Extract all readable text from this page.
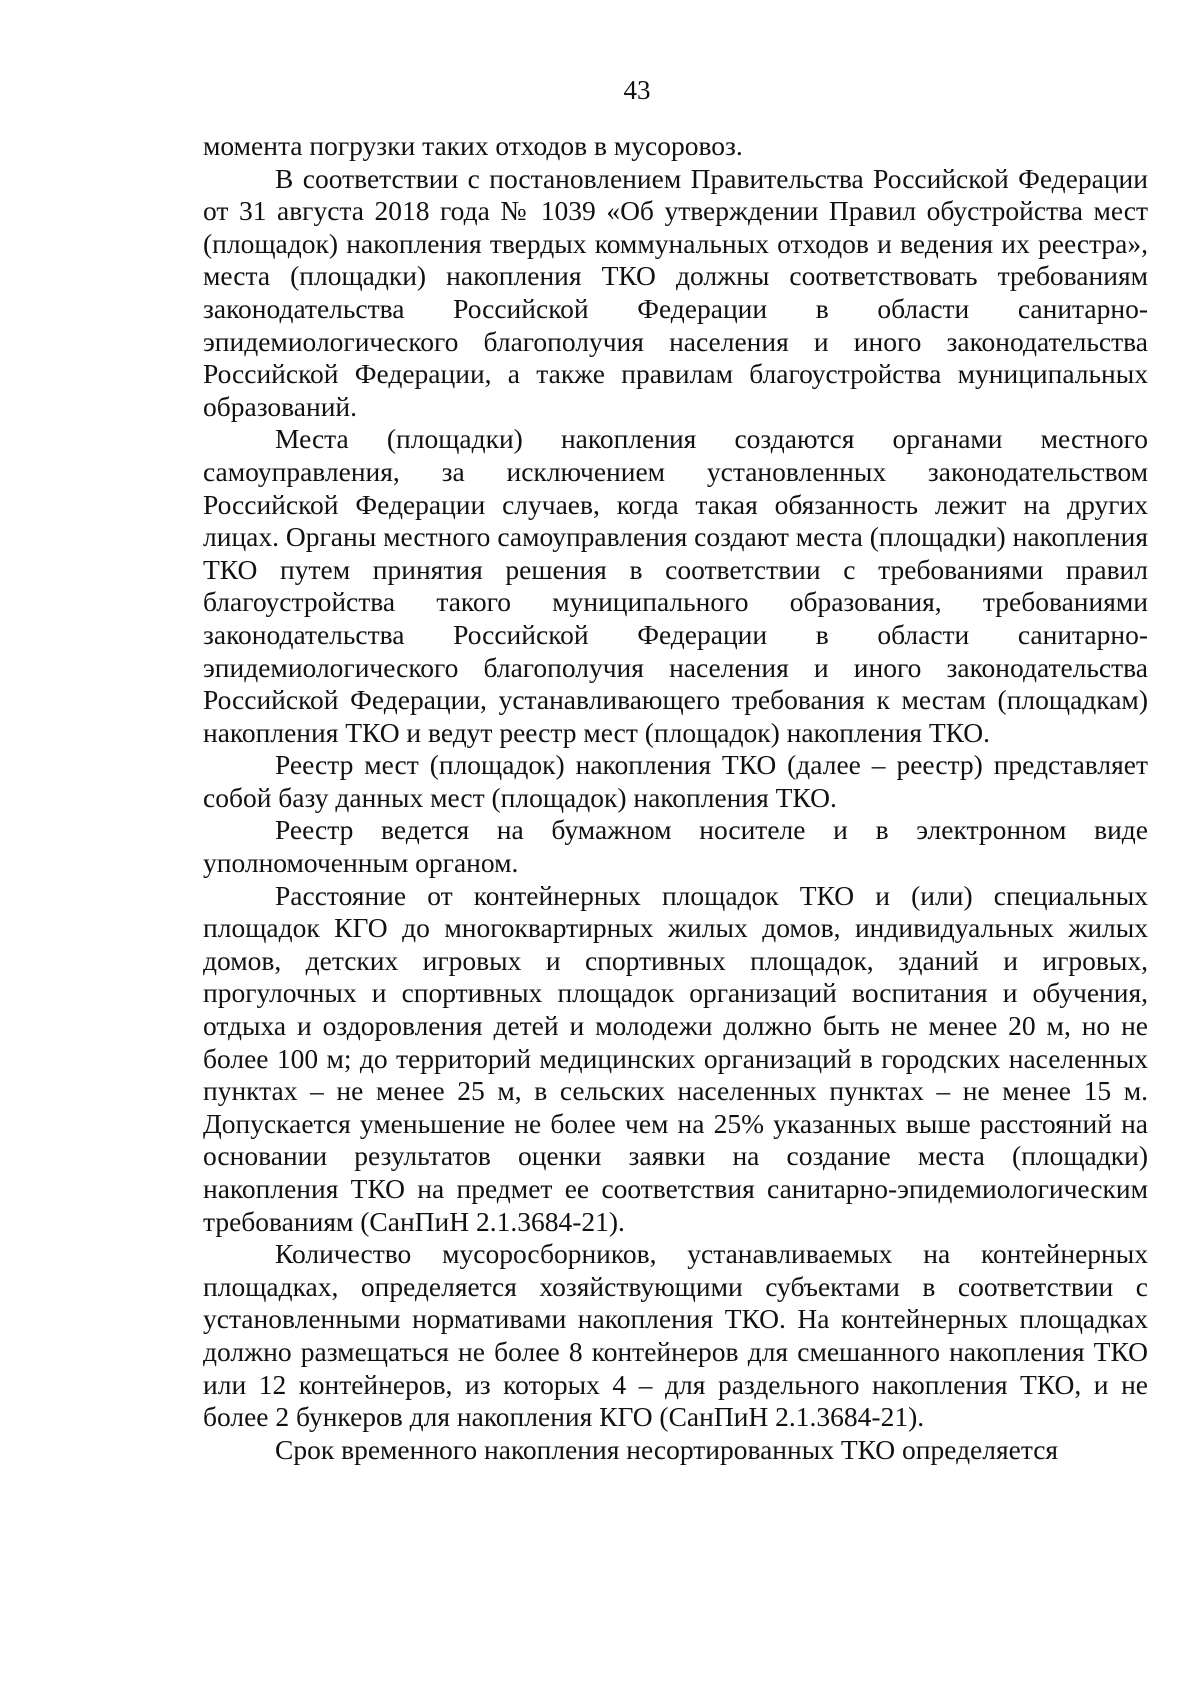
43

момента погрузки таких отходов в мусоровоз.

В соответствии с постановлением Правительства Российской Федерации от 31 августа 2018 года № 1039 «Об утверждении Правил обустройства мест (площадок) накопления твердых коммунальных отходов и ведения их реестра», места (площадки) накопления ТКО должны соответствовать требованиям законодательства Российской Федерации в области санитарно-эпидемиологического благополучия населения и иного законодательства Российской Федерации, а также правилам благоустройства муниципальных образований.

Места (площадки) накопления создаются органами местного самоуправления, за исключением установленных законодательством Российской Федерации случаев, когда такая обязанность лежит на других лицах. Органы местного самоуправления создают места (площадки) накопления ТКО путем принятия решения в соответствии с требованиями правил благоустройства такого муниципального образования, требованиями законодательства Российской Федерации в области санитарно-эпидемиологического благополучия населения и иного законодательства Российской Федерации, устанавливающего требования к местам (площадкам) накопления ТКО и ведут реестр мест (площадок) накопления ТКО.

Реестр мест (площадок) накопления ТКО (далее – реестр) представляет собой базу данных мест (площадок) накопления ТКО.

Реестр ведется на бумажном носителе и в электронном виде уполномоченным органом.

Расстояние от контейнерных площадок ТКО и (или) специальных площадок КГО до многоквартирных жилых домов, индивидуальных жилых домов, детских игровых и спортивных площадок, зданий и игровых, прогулочных и спортивных площадок организаций воспитания и обучения, отдыха и оздоровления детей и молодежи должно быть не менее 20 м, но не более 100 м; до территорий медицинских организаций в городских населенных пунктах – не менее 25 м, в сельских населенных пунктах – не менее 15 м. Допускается уменьшение не более чем на 25% указанных выше расстояний на основании результатов оценки заявки на создание места (площадки) накопления ТКО на предмет ее соответствия санитарно-эпидемиологическим требованиям (СанПиН 2.1.3684-21).

Количество мусоросборников, устанавливаемых на контейнерных площадках, определяется хозяйствующими субъектами в соответствии с установленными нормативами накопления ТКО. На контейнерных площадках должно размещаться не более 8 контейнеров для смешанного накопления ТКО или 12 контейнеров, из которых 4 – для раздельного накопления ТКО, и не более 2 бункеров для накопления КГО (СанПиН 2.1.3684-21).

Срок временного накопления несортированных ТКО определяется
